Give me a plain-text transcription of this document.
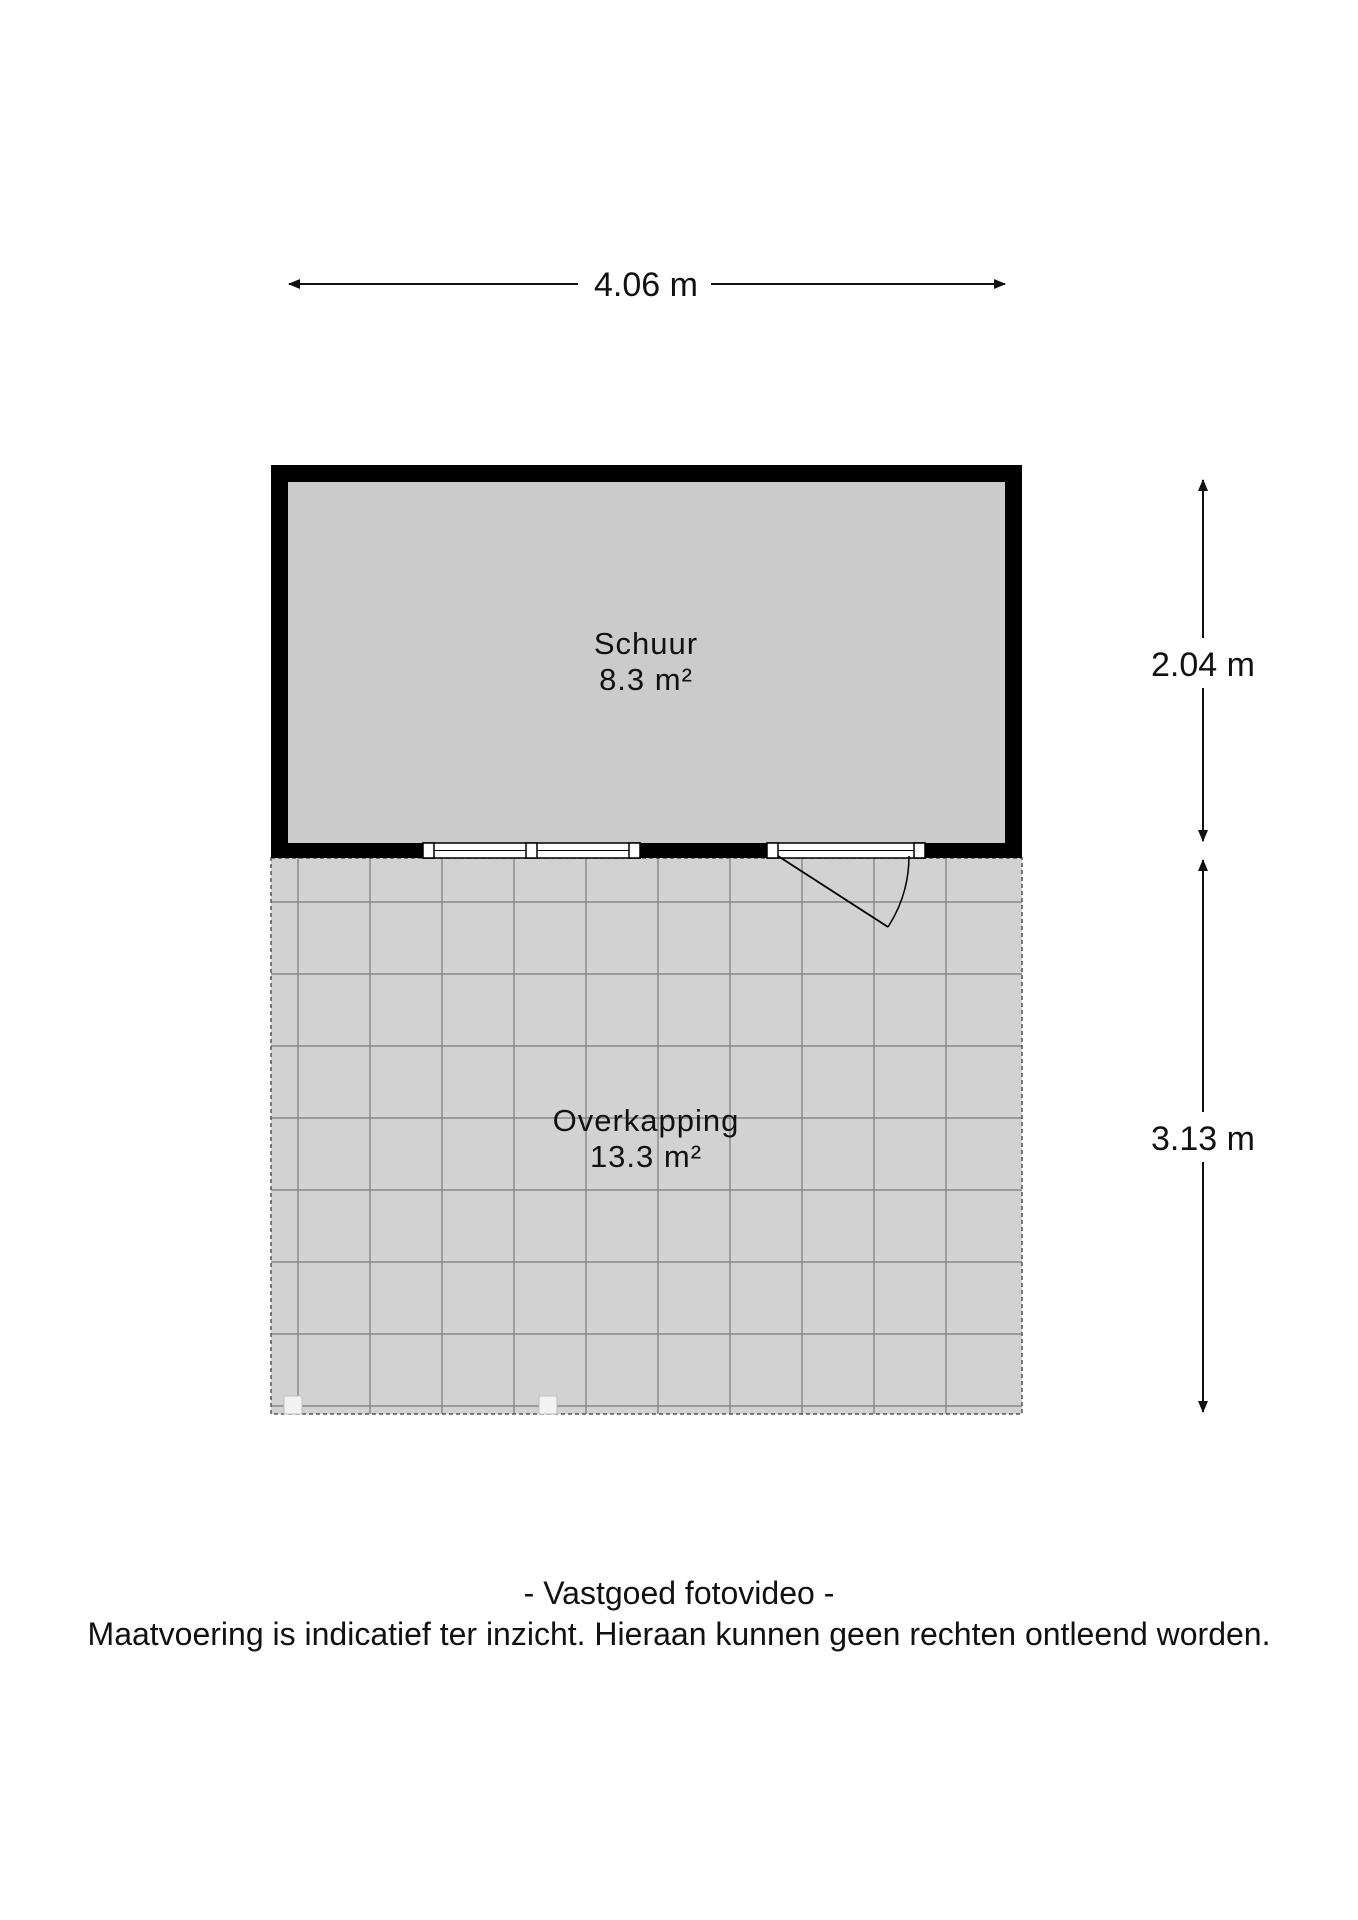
Schuur
8.3 m²
Overkapping
13.3 m²
4.06 m
2.04 m
3.13 m
- Vastgoed fotovideo -
Maatvoering is indicatief ter inzicht. Hieraan kunnen geen rechten ontleend worden.
